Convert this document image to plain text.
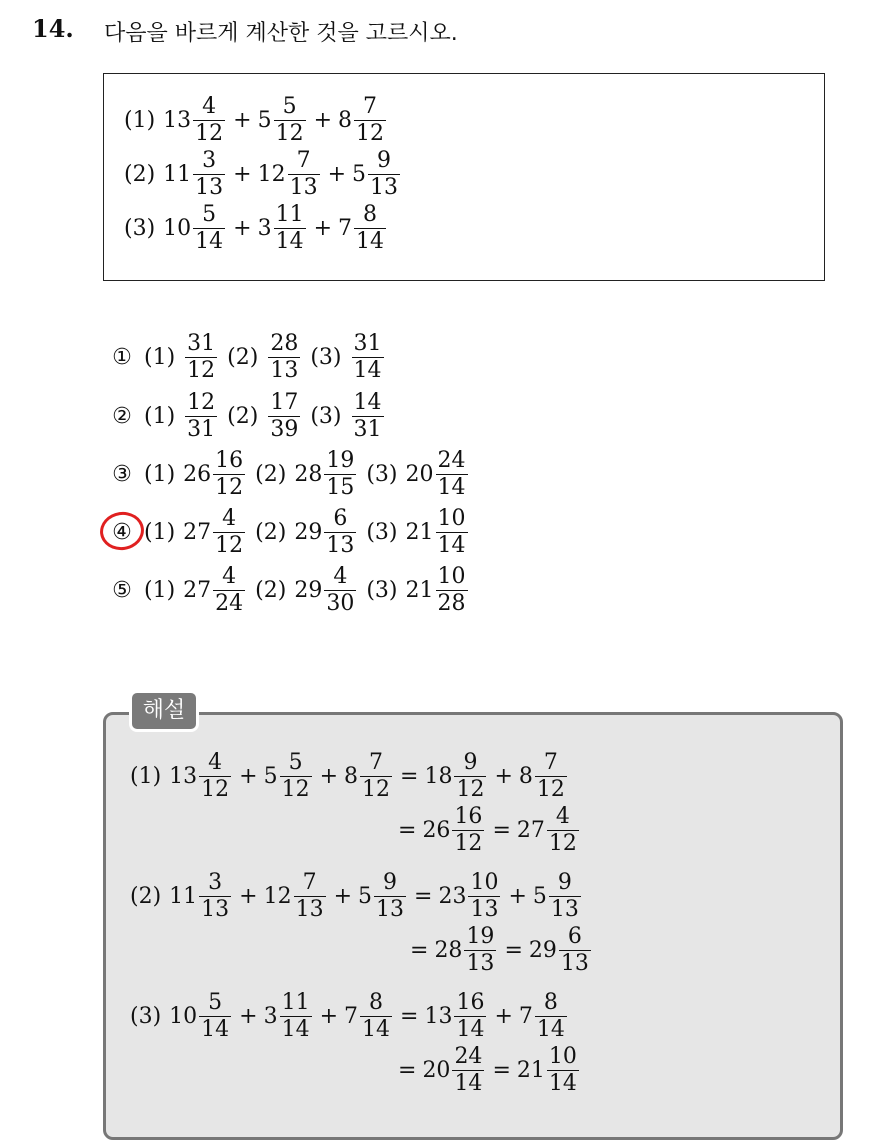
14. 다음을 바르게 계산한 것을 고르시오.
(1) $13 \frac{4}{12} + 5 \frac{5}{12} + 8 \frac{7}{12}$
(2) $11 \frac{3}{13} + 12 \frac{7}{13} + 5 \frac{9}{13}$
(3) $10 \frac{5}{14} + 3 \frac{11}{14} + 7 \frac{8}{14}$
① $(1) \frac{31}{12} (2) \frac{28}{13} (3) \frac{31}{14}$
② $(1) \frac{12}{31} (2) \frac{17}{39} (3) \frac{14}{31}$
③ (1) $26 \frac{16}{12} (2)$ $28 \frac{19}{15} (3)$ $20 \frac{24}{14}$
④ (1) $27 \frac{4}{12} (2)$ $29 \frac{6}{13} (3)$ $21 \frac{10}{14}$
⑤ (1) $27 \frac{4}{24} (2)$ $29 \frac{4}{30} (3)$ $21 \frac{10}{28}$
해설
(1) $13 \frac{4}{12} + 5 \frac{5}{12} + 8 \frac{7}{12} = 18 \frac{9}{12} + 8 \frac{7}{12}$
= $26 \frac{16}{12} = 27 \frac{4}{12}$
(2) $11 \frac{3}{13} + 12 \frac{7}{13} + 5 \frac{9}{13} = 23 \frac{10}{13} + 5 \frac{9}{13}$
= $28 \frac{19}{13} = 29 \frac{6}{13}$
(3) $10 \frac{5}{14} + 3 \frac{11}{14} + 7 \frac{8}{14} = 13 \frac{16}{14} + 7 \frac{8}{14}$
= $20 \frac{24}{14} = 21 \frac{10}{14}$
